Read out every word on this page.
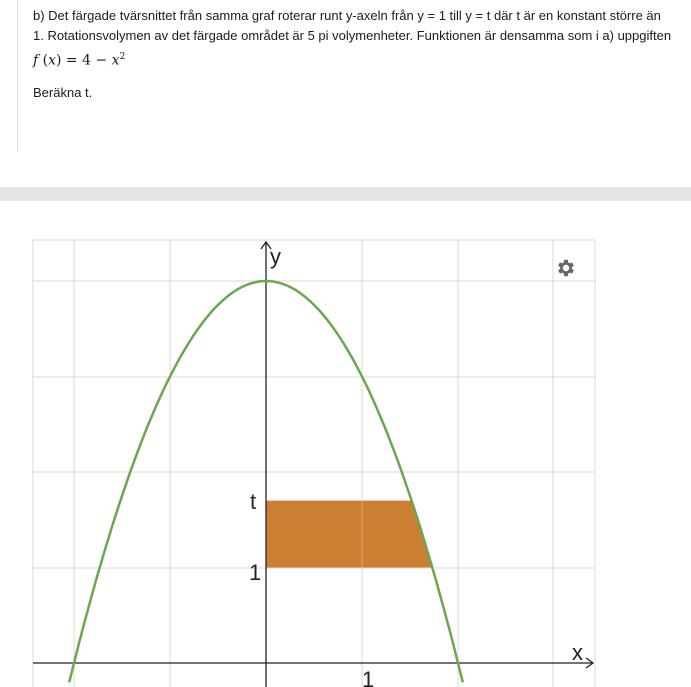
b) Det färgade tvärsnittet från samma graf roterar runt y-axeln från y = 1 till y = t där t är en konstant större än

1. Rotationsvolymen av det färgade området är 5 pi volymenheter. Funktionen är densamma som i a) uppgiften

f $(x) = 4 - x^2$
Beräkna t.
y
x
t
1
1
